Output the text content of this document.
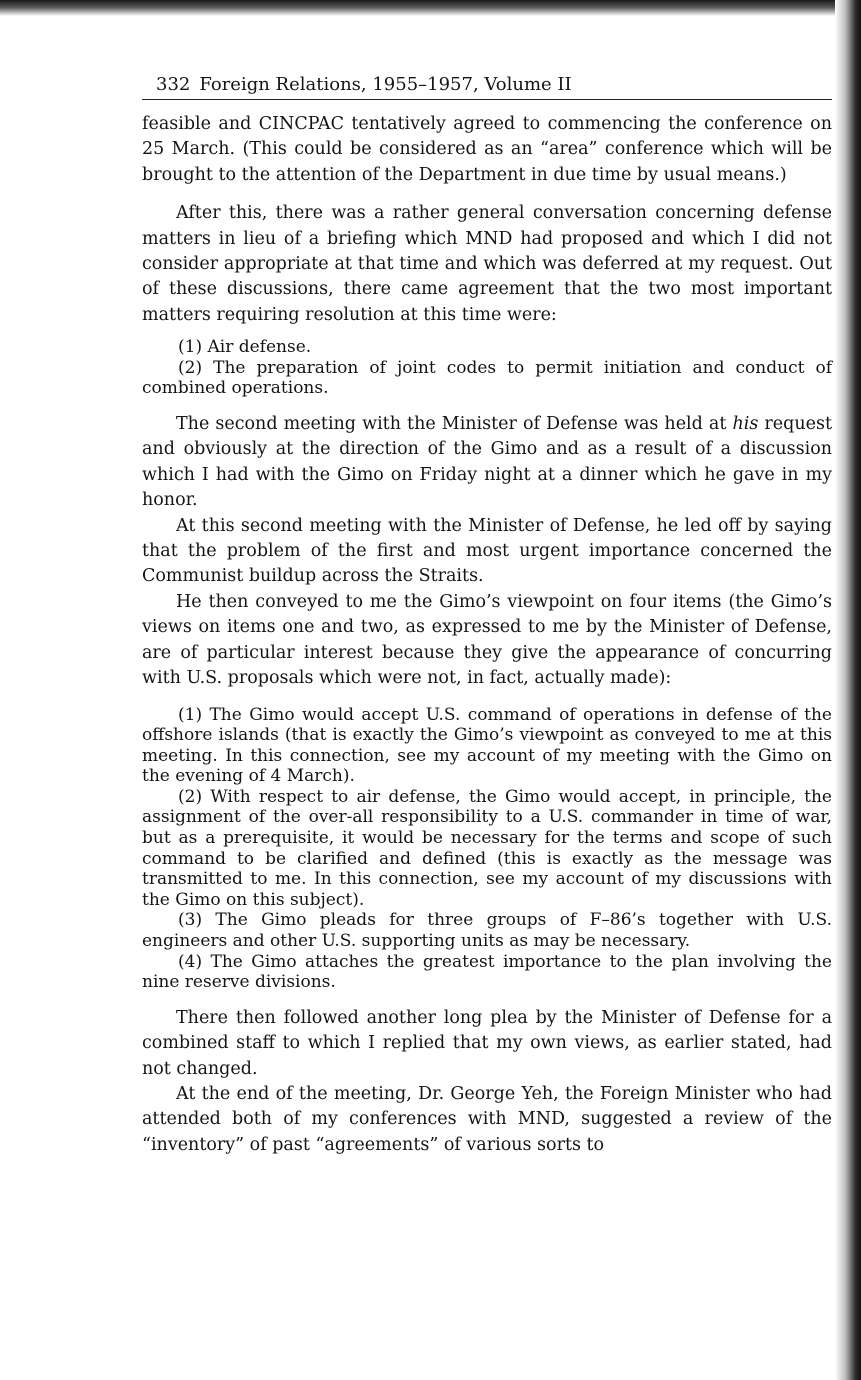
332 Foreign Relations, 1955–1957, Volume II

feasible and CINCPAC tentatively agreed to commencing the conference on 25 March. (This could be considered as an “area” conference which will be brought to the attention of the Department in due time by usual means.)

After this, there was a rather general conversation concerning defense matters in lieu of a briefing which MND had proposed and which I did not consider appropriate at that time and which was deferred at my request. Out of these discussions, there came agreement that the two most important matters requiring resolution at this time were:

(1) Air defense.

(2) The preparation of joint codes to permit initiation and conduct of combined operations.

The second meeting with the Minister of Defense was held at his request and obviously at the direction of the Gimo and as a result of a discussion which I had with the Gimo on Friday night at a dinner which he gave in my honor.

At this second meeting with the Minister of Defense, he led off by saying that the problem of the first and most urgent importance concerned the Communist buildup across the Straits.

He then conveyed to me the Gimo’s viewpoint on four items (the Gimo’s views on items one and two, as expressed to me by the Minister of Defense, are of particular interest because they give the appearance of concurring with U.S. proposals which were not, in fact, actually made):

(1) The Gimo would accept U.S. command of operations in defense of the offshore islands (that is exactly the Gimo’s viewpoint as conveyed to me at this meeting. In this connection, see my account of my meeting with the Gimo on the evening of 4 March).

(2) With respect to air defense, the Gimo would accept, in principle, the assignment of the over-all responsibility to a U.S. commander in time of war, but as a prerequisite, it would be necessary for the terms and scope of such command to be clarified and defined (this is exactly as the message was transmitted to me. In this connection, see my account of my discussions with the Gimo on this subject).

(3) The Gimo pleads for three groups of F–86’s together with U.S. engineers and other U.S. supporting units as may be necessary.

(4) The Gimo attaches the greatest importance to the plan involving the nine reserve divisions.

There then followed another long plea by the Minister of Defense for a combined staff to which I replied that my own views, as earlier stated, had not changed.

At the end of the meeting, Dr. George Yeh, the Foreign Minister who had attended both of my conferences with MND, suggested a review of the “inventory” of past “agreements” of various sorts to
